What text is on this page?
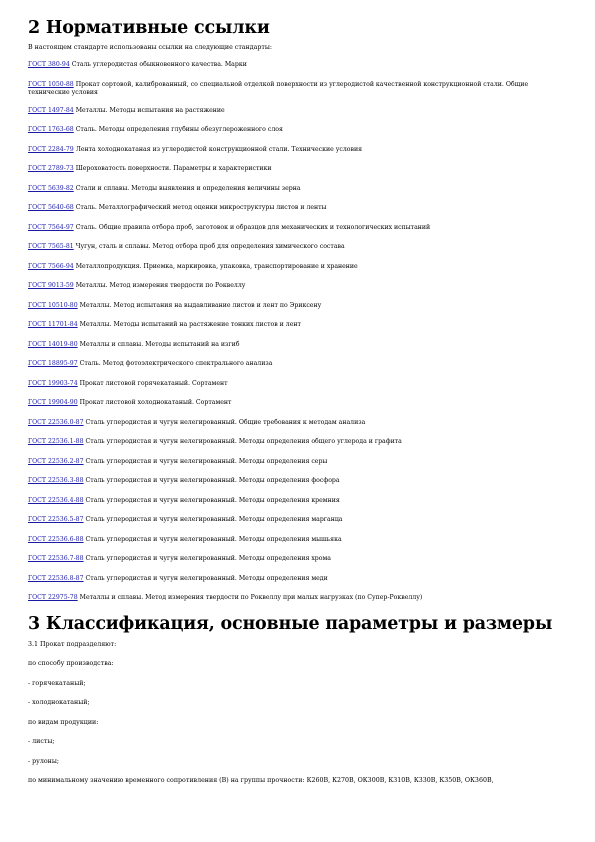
2 Нормативные ссылки

В настоящем стандарте использованы ссылки на следующие стандарты:

ГОСТ 380-94 Сталь углеродистая обыкновенного качества. Марки

ГОСТ 1050-88 Прокат сортовой, калиброванный, со специальной отделкой поверхности из углеродистой качественной конструкционной стали. Общие технические условия

ГОСТ 1497-84 Металлы. Методы испытания на растяжение

ГОСТ 1763-68 Сталь. Методы определения глубины обезуглероженного слоя

ГОСТ 2284-79 Лента холоднокатаная из углеродистой конструкционной стали. Технические условия

ГОСТ 2789-73 Шероховатость поверхности. Параметры и характеристики

ГОСТ 5639-82 Стали и сплавы. Методы выявления и определения величины зерна

ГОСТ 5640-68 Сталь. Металлографический метод оценки микроструктуры листов и ленты

ГОСТ 7564-97 Сталь. Общие правила отбора проб, заготовок и образцов для механических и технологических испытаний

ГОСТ 7565-81 Чугун, сталь и сплавы. Метод отбора проб для определения химического состава

ГОСТ 7566-94 Металлопродукция. Приемка, маркировка, упаковка, транспортирование и хранение

ГОСТ 9013-59 Металлы. Метод измерения твердости по Роквеллу

ГОСТ 10510-80 Металлы. Метод испытания на выдавливание листов и лент по Эриксену

ГОСТ 11701-84 Металлы. Методы испытаний на растяжение тонких листов и лент

ГОСТ 14019-80 Металлы и сплавы. Методы испытаний на изгиб

ГОСТ 18895-97 Сталь. Метод фотоэлектрического спектрального анализа

ГОСТ 19903-74 Прокат листовой горячекатаный. Сортамент

ГОСТ 19904-90 Прокат листовой холоднокатаный. Сортамент

ГОСТ 22536.0-87 Сталь углеродистая и чугун нелегированный. Общие требования к методам анализа

ГОСТ 22536.1-88 Сталь углеродистая и чугун нелегированный. Методы определения общего углерода и графита

ГОСТ 22536.2-87 Сталь углеродистая и чугун нелегированный. Методы определения серы

ГОСТ 22536.3-88 Сталь углеродистая и чугун нелегированный. Методы определения фосфора

ГОСТ 22536.4-88 Сталь углеродистая и чугун нелегированный. Методы определения кремния

ГОСТ 22536.5-87 Сталь углеродистая и чугун нелегированный. Методы определения марганца

ГОСТ 22536.6-88 Сталь углеродистая и чугун нелегированный. Методы определения мышьяка

ГОСТ 22536.7-88 Сталь углеродистая и чугун нелегированный. Методы определения хрома

ГОСТ 22536.8-87 Сталь углеродистая и чугун нелегированный. Методы определения меди

ГОСТ 22975-78 Металлы и сплавы. Метод измерения твердости по Роквеллу при малых нагрузках (по Супер-Роквеллу)

3 Классификация, основные параметры и размеры

3.1 Прокат подразделяют:

по способу производства:

- горячекатаный;

- холоднокатаный;

по видам продукции:

- листы;

- рулоны;

по минимальному значению временного сопротивления (В) на группы прочности: К260В, К270В, ОК300В, К310В, К330В, К350В, ОК360В,
